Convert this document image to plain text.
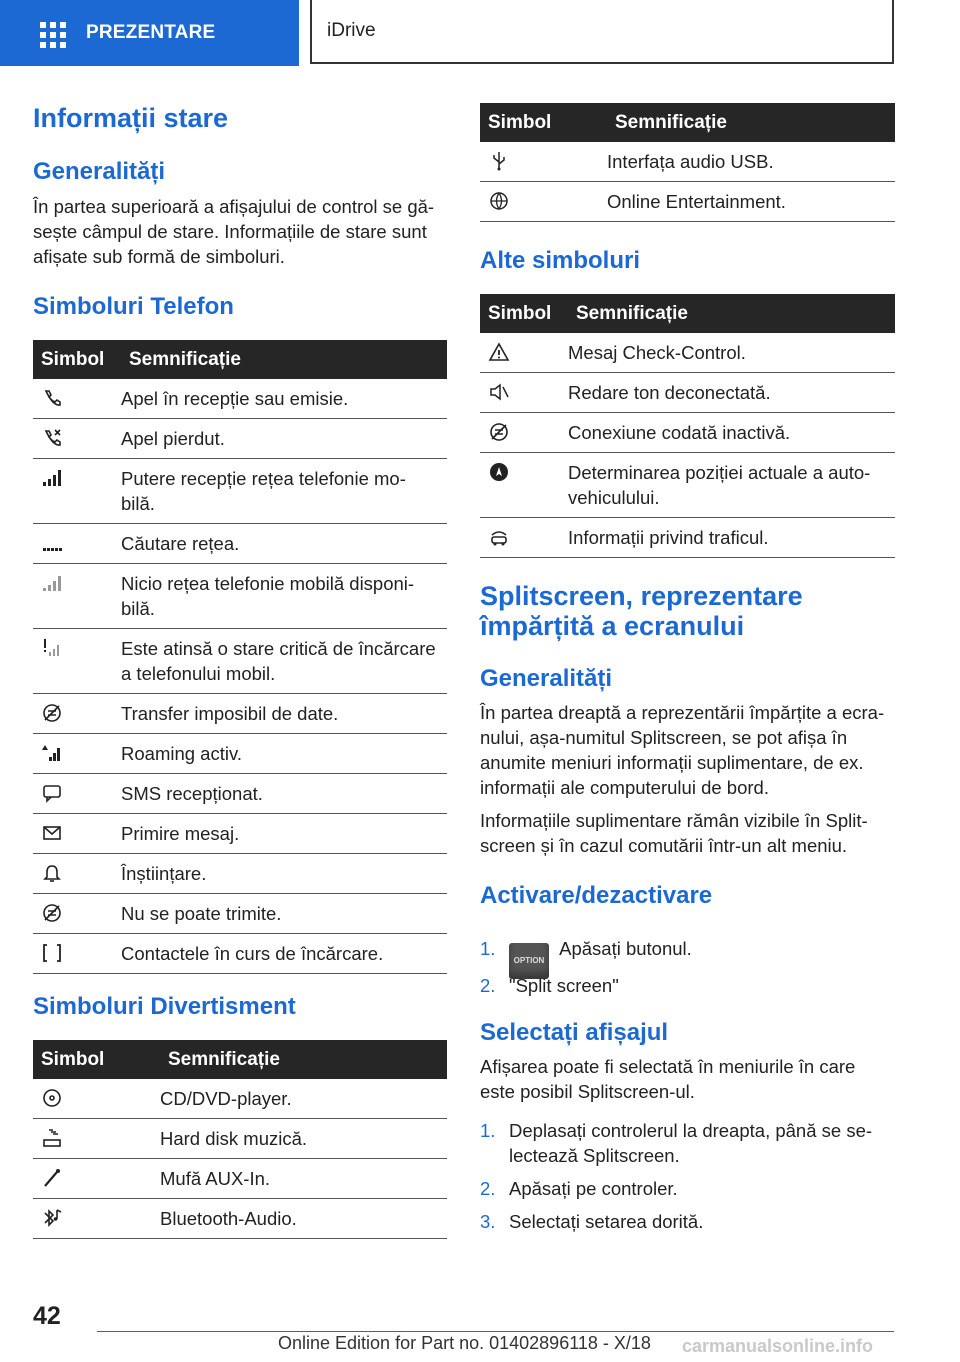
PREZENTARE	iDrive
Informații stare
Generalități

În partea superioară a afișajului de control se gă-
sește câmpul de stare. Informațiile de stare sunt
afișate sub formă de simboluri.

Simboluri Telefon
Simbol	Semnificație
	Apel în recepție sau emisie.
	Apel pierdut.
	Putere recepție rețea telefonie mo-
bilă.
	Căutare rețea.
	Nicio rețea telefonie mobilă disponi-
bilă.
	Este atinsă o stare critică de încărcare
a telefonului mobil.
	Transfer imposibil de date.
	Roaming activ.
	SMS recepționat.
	Primire mesaj.
	Înștiințare.
	Nu se poate trimite.
	Contactele în curs de încărcare.
Simboluri Divertisment
Simbol	Semnificație
	CD/DVD-player.
	Hard disk muzică.
	Mufă AUX-In.
	Bluetooth-Audio.
Simbol	Semnificație
	Interfața audio USB.
	Online Entertainment.
Alte simboluri
Simbol	Semnificație
	Mesaj Check-Control.
	Redare ton deconectată.
	Conexiune codată inactivă.
	Determinarea poziției actuale a auto-
vehiculului.
	Informații privind traficul.
Splitscreen, reprezentare
împărțită a ecranului
Generalități

În partea dreaptă a reprezentării împărțite a ecra-
nului, așa-numitul Splitscreen, se pot afișa în
anumite meniuri informații suplimentare, de ex.
informații ale computerului de bord.

Informațiile suplimentare rămân vizibile în Split-
screen și în cazul comutării într-un alt meniu.

Activare/dezactivare
1.
OPTION Apăsați butonul.
2. "Split screen"
Selectați afișajul

Afișarea poate fi selectată în meniurile în care
este posibil Splitscreen-ul.

1. Deplasați controlerul la dreapta, până se se-
lectează Splitscreen.
2. Apăsați pe controler.
3. Selectați setarea dorită.
42
Online Edition for Part no. 01402896118 - X/18 carmanualsonline.info
